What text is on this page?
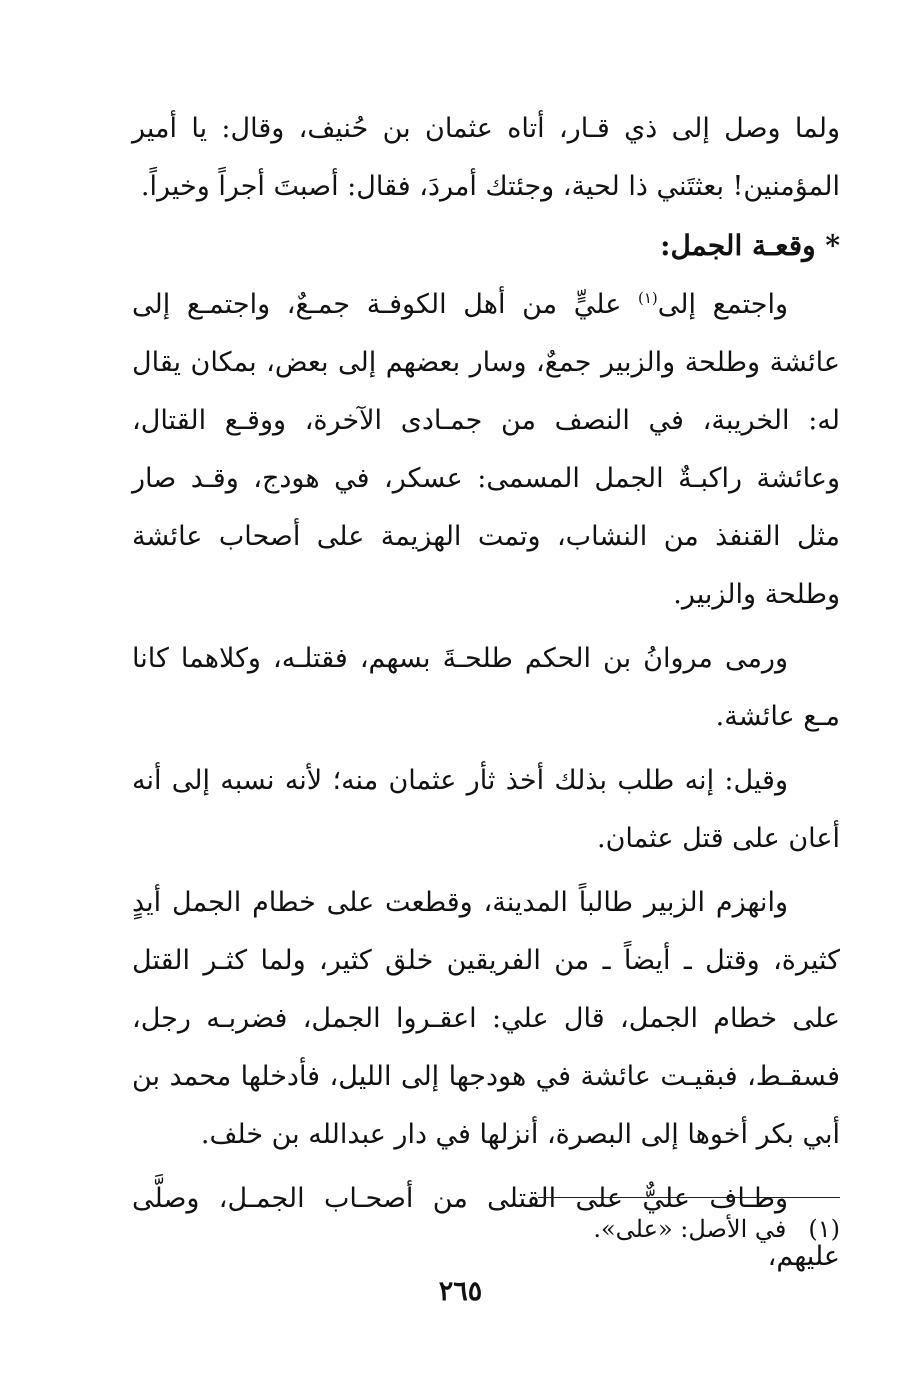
ولما وصل إلى ذي قـار، أتاه عثمان بن حُنيف، وقال: يا أمير المؤمنين! بعثتَني ذا لحية، وجئتك أمردَ، فقال: أصبتَ أجراً وخيراً.

* وقعـة الجمل:

واجتمع إلى$^{(١)}$ عليٍّ من أهل الكوفـة جمـعٌ، واجتمـع إلى عائشة وطلحة والزبير جمعٌ، وسار بعضهم إلى بعض، بمكان يقال له: الخريبة، في النصف من جمـادى الآخرة، ووقـع القتال، وعائشة راكبـةٌ الجمل المسمى: عسكر، في هودج، وقـد صار مثل القنفذ من النشاب، وتمت الهزيمة على أصحاب عائشة وطلحة والزبير.

ورمى مروانُ بن الحكم طلحـةَ بسهم، فقتلـه، وكلاهما كانا مـع عائشة.

وقيل: إنه طلب بذلك أخذ ثأر عثمان منه؛ لأنه نسبه إلى أنه أعان على قتل عثمان.

وانهزم الزبير طالباً المدينة، وقطعت على خطام الجمل أيدٍ كثيرة، وقتل ـ أيضاً ـ من الفريقين خلق كثير، ولما كثـر القتل على خطام الجمل، قال علي: اعقـروا الجمل، فضربـه رجل، فسقـط، فبقيـت عائشة في هودجها إلى الليل، فأدخلها محمد بن أبي بكر أخوها إلى البصرة، أنزلها في دار عبدالله بن خلف.

وطـاف عليٌّ على القتلى من أصحـاب الجمـل، وصلَّى عليهم،

(١)في الأصل: «على».
٢٦٥
